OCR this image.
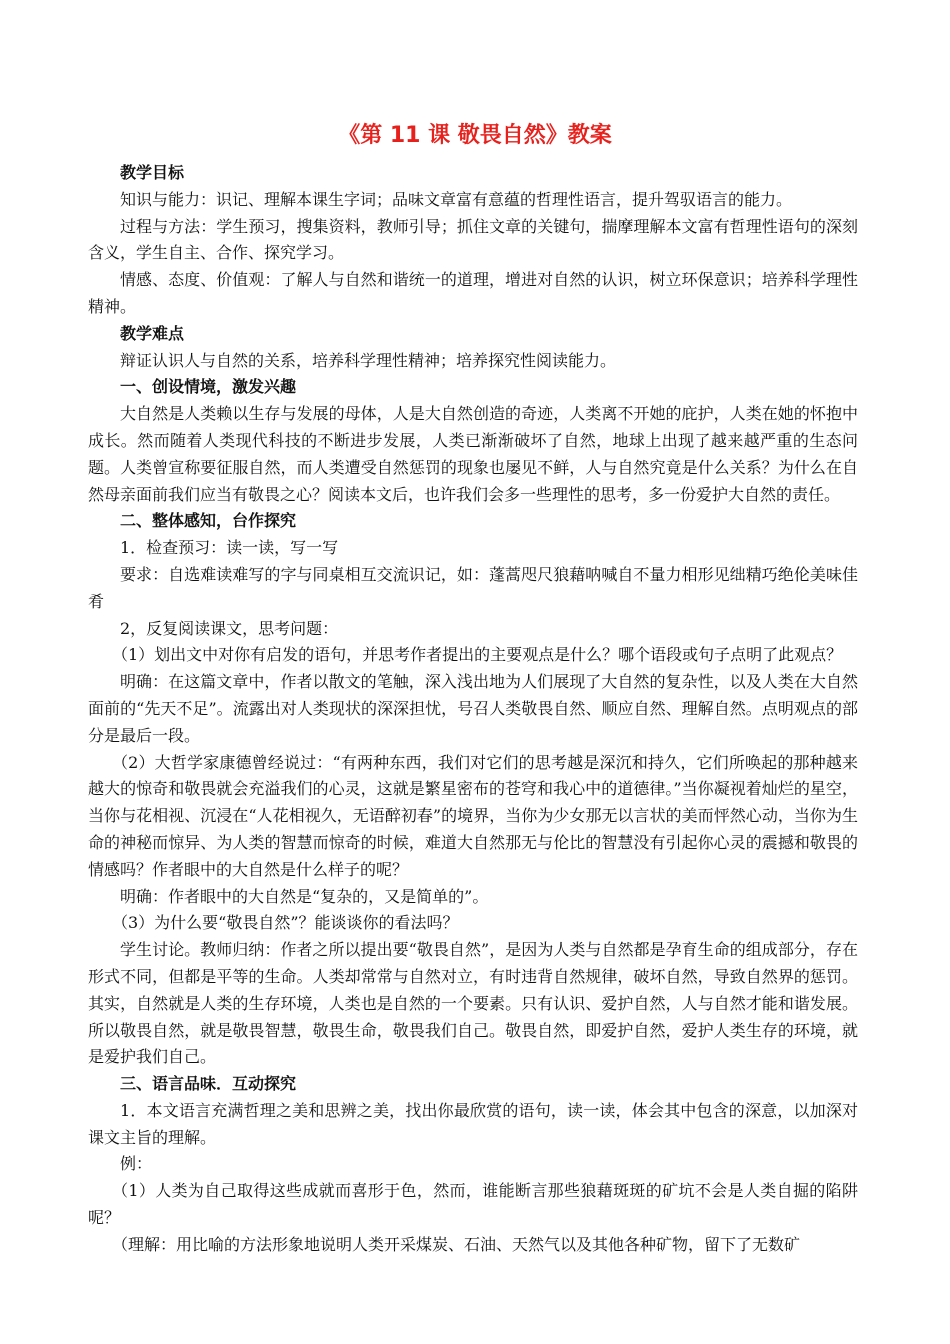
《第 11 课 敬畏自然》教案

教学目标

知识与能力：识记、理解本课生字词；品味文章富有意蕴的哲理性语言，提升驾驭语言的能力。

过程与方法：学生预习，搜集资料，教师引导；抓住文章的关键句，揣摩理解本文富有哲理性语句的深刻含义，学生自主、合作、探究学习。

情感、态度、价值观：了解人与自然和谐统一的道理，增进对自然的认识，树立环保意识；培养科学理性精神。

教学难点

辩证认识人与自然的关系，培养科学理性精神；培养探究性阅读能力。

一、创设情境，激发兴趣

大自然是人类赖以生存与发展的母体，人是大自然创造的奇迹，人类离不开她的庇护，人类在她的怀抱中成长。然而随着人类现代科技的不断进步发展，人类已渐渐破坏了自然，地球上出现了越来越严重的生态问题。人类曾宣称要征服自然，而人类遭受自然惩罚的现象也屡见不鲜，人与自然究竟是什么关系？为什么在自然母亲面前我们应当有敬畏之心？阅读本文后，也许我们会多一些理性的思考，多一份爱护大自然的责任。

二、整体感知，台作探究

1．检查预习：读一读，写一写

要求：自选难读难写的字与同桌相互交流识记，如：蓬蒿咫尺狼藉呐喊自不量力相形见绌精巧绝伦美味佳肴

2，反复阅读课文，思考问题：

（1）划出文中对你有启发的语句，并思考作者提出的主要观点是什么？哪个语段或句子点明了此观点？

明确：在这篇文章中，作者以散文的笔触，深入浅出地为人们展现了大自然的复杂性，以及人类在大自然面前的“先天不足”。流露出对人类现状的深深担忧，号召人类敬畏自然、顺应自然、理解自然。点明观点的部分是最后一段。

（2）大哲学家康德曾经说过：“有两种东西，我们对它们的思考越是深沉和持久，它们所唤起的那种越来越大的惊奇和敬畏就会充溢我们的心灵，这就是繁星密布的苍穹和我心中的道德律。”当你凝视着灿烂的星空，当你与花相视、沉浸在“人花相视久，无语醉初春”的境界，当你为少女那无以言状的美而怦然心动，当你为生命的神秘而惊异、为人类的智慧而惊奇的时候，难道大自然那无与伦比的智慧没有引起你心灵的震撼和敬畏的情感吗？作者眼中的大自然是什么样子的呢？

明确：作者眼中的大自然是“复杂的，又是简单的”。

（3）为什么要“敬畏自然”？能谈谈你的看法吗？

学生讨论。教师归纳：作者之所以提出要“敬畏自然”，是因为人类与自然都是孕育生命的组成部分，存在形式不同，但都是平等的生命。人类却常常与自然对立，有时违背自然规律，破坏自然，导致自然界的惩罚。其实，自然就是人类的生存环境，人类也是自然的一个要素。只有认识、爱护自然，人与自然才能和谐发展。所以敬畏自然，就是敬畏智慧，敬畏生命，敬畏我们自己。敬畏自然，即爱护自然，爱护人类生存的环境，就是爱护我们自己。

三、语言品味．互动探究

1．本文语言充满哲理之美和思辨之美，找出你最欣赏的语句，读一读，体会其中包含的深意，以加深对课文主旨的理解。

例：

（1）人类为自己取得这些成就而喜形于色，然而，谁能断言那些狼藉斑斑的矿坑不会是人类自掘的陷阱呢？

（理解：用比喻的方法形象地说明人类开采煤炭、石油、天然气以及其他各种矿物，留下了无数矿
